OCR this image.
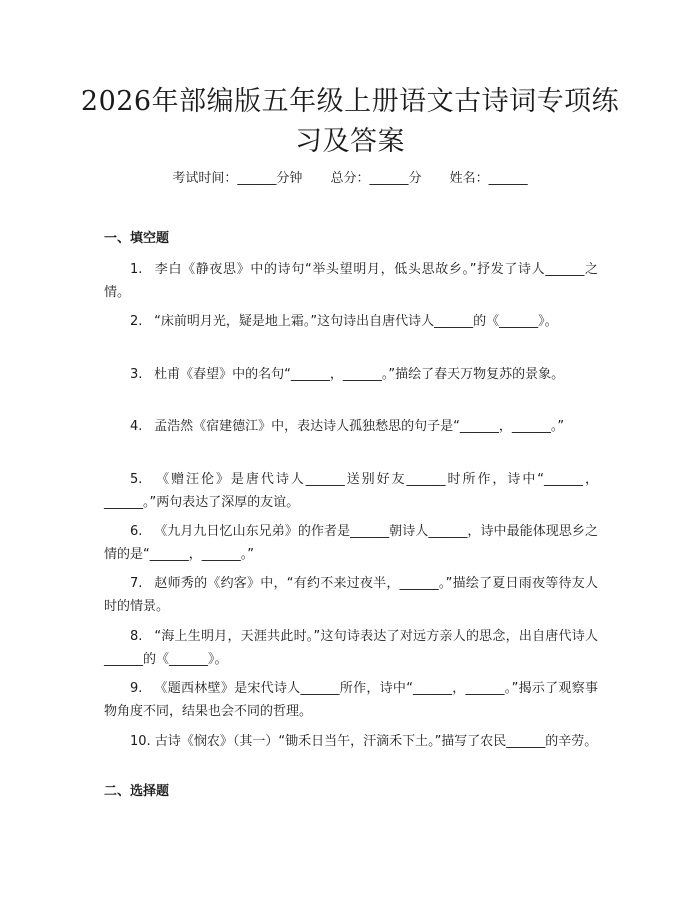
2026年部编版五年级上册语文古诗词专项练习及答案
考试时间：______分钟 总分：______分 姓名：______
一、填空题
1. 李白《静夜思》中的诗句“举头望明月，低头思故乡。”抒发了诗人______之情。
2. “床前明月光，疑是地上霜。”这句诗出自唐代诗人______的《______》。
3. 杜甫《春望》中的名句“______，______。”描绘了春天万物复苏的景象。
4. 孟浩然《宿建德江》中，表达诗人孤独愁思的句子是“______，______。”
5. 《赠汪伦》是唐代诗人______送别好友______时所作，诗中“______，______。”两句表达了深厚的友谊。
6. 《九月九日忆山东兄弟》的作者是______朝诗人______，诗中最能体现思乡之情的是“______，______。”
7. 赵师秀的《约客》中，“有约不来过夜半，______。”描绘了夏日雨夜等待友人时的情景。
8. “海上生明月，天涯共此时。”这句诗表达了对远方亲人的思念，出自唐代诗人______的《______》。
9. 《题西林壁》是宋代诗人______所作，诗中“______，______。”揭示了观察事物角度不同，结果也会不同的哲理。
10. 古诗《悯农》（其一）“锄禾日当午，汗滴禾下土。”描写了农民______的辛劳。
二、选择题
